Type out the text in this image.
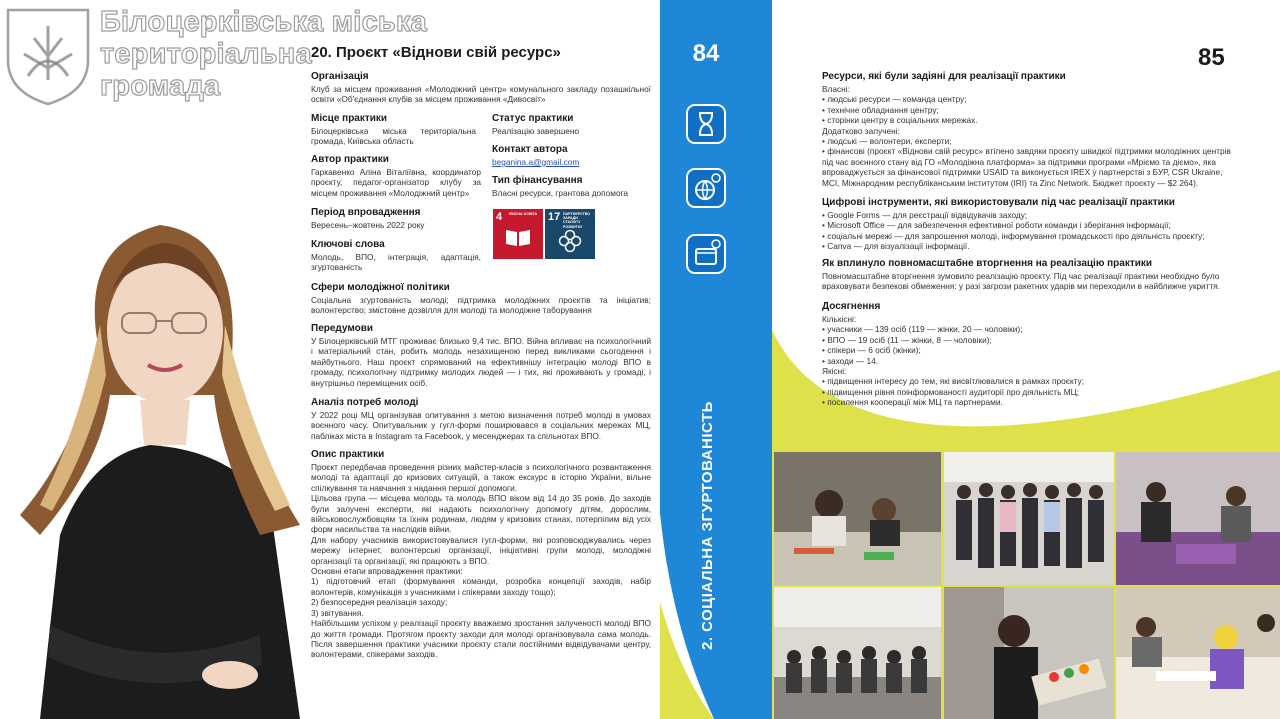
20. Проєкт «Віднови свій ресурс»
Організація

Клуб за місцем проживання «Молодіжний центр» комунального закладу позашкільної освіти «Об'єднання клубів за місцем проживання «Дивосвіт»

Місце практики

Білоцерківська міська територіальна громада, Київська область

Статус практики

Реалізацію завершено

Контакт автора

beganina.a@gmail.com

Автор практики

Гаркавенко Аліна Віталіївна, координатор проєкту, педагог-організатор клубу за місцем проживання «Молодіжний центр»

Тип фінансування

Власні ресурси, грантова допомога

4 ЯКІСНА ОСВІТА 17 ПАРТНЕРСТВО ЗАРАДИ СТАЛОГО РОЗВИТКУ
Період впровадження

Вересень–жовтень 2022 року

Ключові слова

Молодь, ВПО, інтеграція, адаптація, згуртованість

Сфери молодіжної політики

Соціальна згуртованість молоді; підтримка молодіжних проєктів та ініціатив; волонтерство; змістовне дозвілля для молоді та молодіжне таборування

Передумови

У Білоцерківській МТГ проживає близько 9,4 тис. ВПО. Війна впливає на психологічний і матеріальний стан, робить молодь незахищеною перед викликами сьогодення і майбутнього. Наш проєкт спрямований на ефективнішу інтеграцію молоді ВПО в громаду, психологічну підтримку молодих людей — і тих, які проживають у громаді, і внутрішньо переміщених осіб.

Аналіз потреб молоді

У 2022 році МЦ організував опитування з метою визначення потреб молоді в умовах воєнного часу. Опитувальник у гугл-формі поширювався в соціальних мережах МЦ, пабліках міста в Instagram та Facebook, у месенджерах та спільнотах ВПО.

Опис практики

Проєкт передбачав проведення різних майстер-класів з психологічного розвантаження молоді та адаптації до кризових ситуацій, а також екскурс в історію України, вільне спілкування та навчання з надання першої допомоги.

Цільова група — місцева молодь та молодь ВПО віком від 14 до 35 років. До заходів були залучені експерти, які надають психологічну допомогу дітям, дорослим, військовослужбовцям та їхнім родинам, людям у кризових станах, потерпілим від усіх форм насильства та наслідків війни.

Для набору учасників використовувалися гугл-форми, які розповсюджувались через мережу інтернет, волонтерські організації, ініціативні групи молоді, молодіжні організації та організації, які працюють з ВПО.

Основні етапи впровадження практики:

1) підготовчий етап (формування команди, розробка концепції заходів, набір волонтерів, комунікація з учасниками і спікерами заходу тощо);

2) безпосередня реалізація заходу;

3) звітування.

Найбільшим успіхом у реалізації проєкту вважаємо зростання залученості молоді ВПО до життя громади. Протягом проєкту заходи для молоді організовувала сама молодь. Після завершення практики учасники проєкту стали постійними відвідувачами центру, волонтерами, спікерами заходів.

Білоцерківська міська
територіальна
громада
84
2. СОЦІАЛЬНА ЗГУРТОВАНІСТЬ
85
Ресурси, які були задіяні для реалізації практики

Власні:

• людські ресурси — команда центру;

• технічне обладнання центру;

• сторінки центру в соціальних мережах.

Додатково залучені:

• людські — волонтери, експерти;

• фінансові (проєкт «Віднови свій ресурс» втілено завдяки проєкту швидкої підтримки молодіжних центрів під час воєнного стану від ГО «Молодіжна платформа» за підтримки програми «Мріємо та діємо», яка впроваджується за фінансової підтримки USAID та виконується IREX у партнерстві з БУР, CSR Ukraine, MCI, Міжнародним республіканським інститутом (IRI) та Zinc Network. Бюджет проєкту — $2 264).

Цифрові інструменти, які використовували під час реалізації практики

• Google Forms — для реєстрації відвідувачів заходу;

• Microsoft Office — для забезпечення ефективної роботи команди і зберігання інформації;

• соціальні мережі — для запрошення молоді, інформування громадськості про діяльність проєкту;

• Canva — для візуалізації інформації.

Як вплинуло повномасштабне вторгнення на реалізацію практики

Повномасштабне вторгнення зумовило реалізацію проєкту. Під час реалізації практики необхідно було враховувати безпекові обмеження: у разі загрози ракетних ударів ми переходили в найближче укриття.

Досягнення

Кількісні:

• учасники — 139 осіб (119 — жінки, 20 — чоловіки);

• ВПО — 19 осіб (11 — жінки, 8 — чоловіки);

• спікери — 6 осіб (жінки);

• заходи — 14.

Якісні:

• підвищення інтересу до тем, які висвітлювалися в рамках проєкту;

• підвищення рівня поінформованості аудиторії про діяльність МЦ;

• посилення кооперації між МЦ та партнерами.
